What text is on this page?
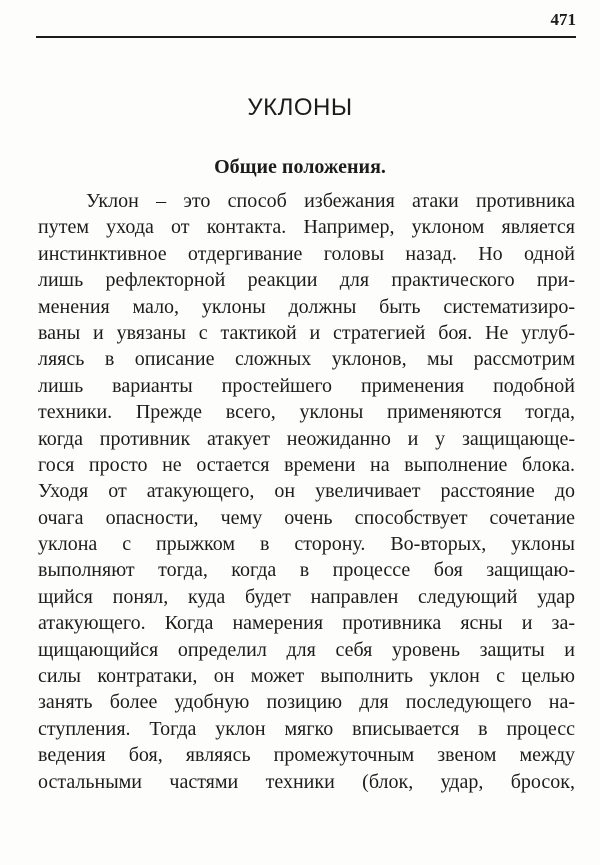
471
УКЛОНЫ
Общие положения.
Уклон – это способ избежания атаки противника
путем ухода от контакта. Например, уклоном является
инстинктивное отдергивание головы назад. Но одной
лишь рефлекторной реакции для практического при-
менения мало, уклоны должны быть систематизиро-
ваны и увязаны с тактикой и стратегией боя. Не углуб-
ляясь в описание сложных уклонов, мы рассмотрим
лишь варианты простейшего применения подобной
техники. Прежде всего, уклоны применяются тогда,
когда противник атакует неожиданно и у защищающе-
гося просто не остается времени на выполнение блока.
Уходя от атакующего, он увеличивает расстояние до
очага опасности, чему очень способствует сочетание
уклона с прыжком в сторону. Во-вторых, уклоны
выполняют тогда, когда в процессе боя защищаю-
щийся понял, куда будет направлен следующий удар
атакующего. Когда намерения противника ясны и за-
щищающийся определил для себя уровень защиты и
силы контратаки, он может выполнить уклон с целью
занять более удобную позицию для последующего на-
ступления. Тогда уклон мягко вписывается в процесс
ведения боя, являясь промежуточным звеном между
остальными частями техники (блок, удар, бросок,
